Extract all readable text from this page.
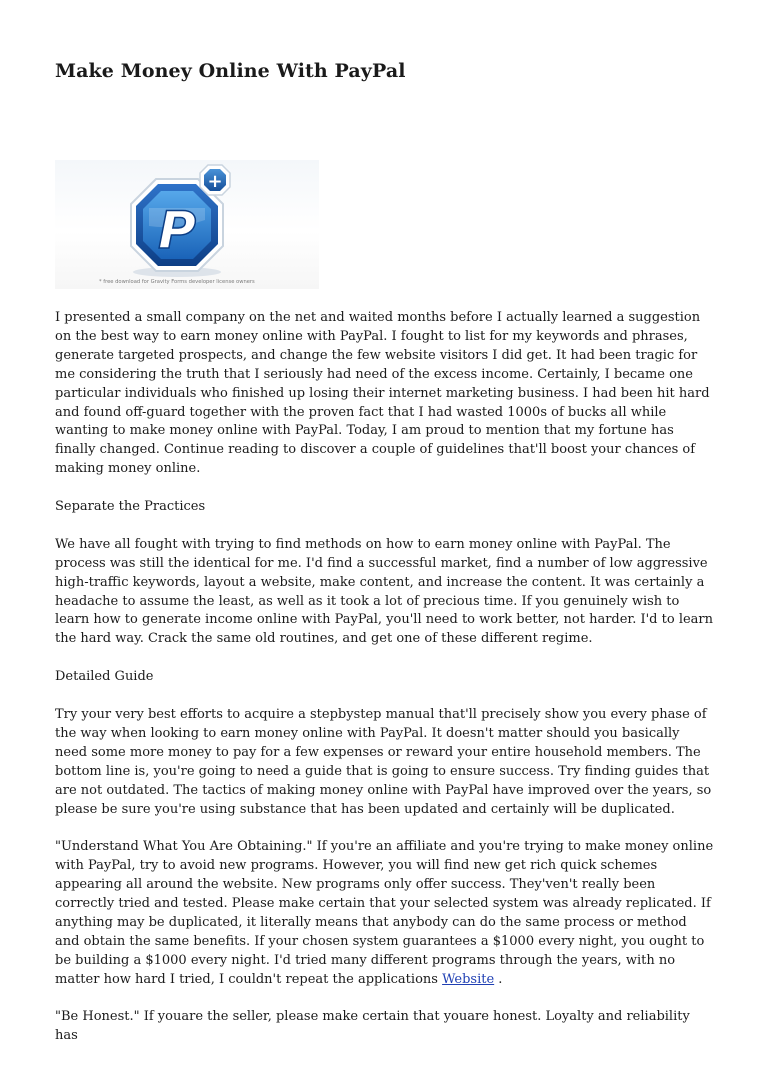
Make Money Online With PayPal
P
+
* free download for Gravity Forms developer license owners

I presented a small company on the net and waited months before I actually learned a suggestion on the best way to earn money online with PayPal. I fought to list for my keywords and phrases, generate targeted prospects, and change the few website visitors I did get. It had been tragic for me considering the truth that I seriously had need of the excess income. Certainly, I became one particular individuals who finished up losing their internet marketing business. I had been hit hard and found off-guard together with the proven fact that I had wasted 1000s of bucks all while wanting to make money online with PayPal. Today, I am proud to mention that my fortune has finally changed. Continue reading to discover a couple of guidelines that'll boost your chances of making money online.

Separate the Practices

We have all fought with trying to find methods on how to earn money online with PayPal. The process was still the identical for me. I'd find a successful market, find a number of low aggressive high-traffic keywords, layout a website, make content, and increase the content. It was certainly a headache to assume the least, as well as it took a lot of precious time. If you genuinely wish to learn how to generate income online with PayPal, you'll need to work better, not harder. I'd to learn the hard way. Crack the same old routines, and get one of these different regime.

Detailed Guide

Try your very best efforts to acquire a stepbystep manual that'll precisely show you every phase of the way when looking to earn money online with PayPal. It doesn't matter should you basically need some more money to pay for a few expenses or reward your entire household members. The bottom line is, you're going to need a guide that is going to ensure success. Try finding guides that are not outdated. The tactics of making money online with PayPal have improved over the years, so please be sure you're using substance that has been updated and certainly will be duplicated.

"Understand What You Are Obtaining." If you're an affiliate and you're trying to make money online with PayPal, try to avoid new programs. However, you will find new get rich quick schemes appearing all around the website. New programs only offer success. They'ven't really been correctly tried and tested. Please make certain that your selected system was already replicated. If anything may be duplicated, it literally means that anybody can do the same process or method and obtain the same benefits. If your chosen system guarantees a $1000 every night, you ought to be building a $1000 every night. I'd tried many different programs through the years, with no matter how hard I tried, I couldn't repeat the applications Website .

"Be Honest." If youare the seller, please make certain that youare honest. Loyalty and reliability has
